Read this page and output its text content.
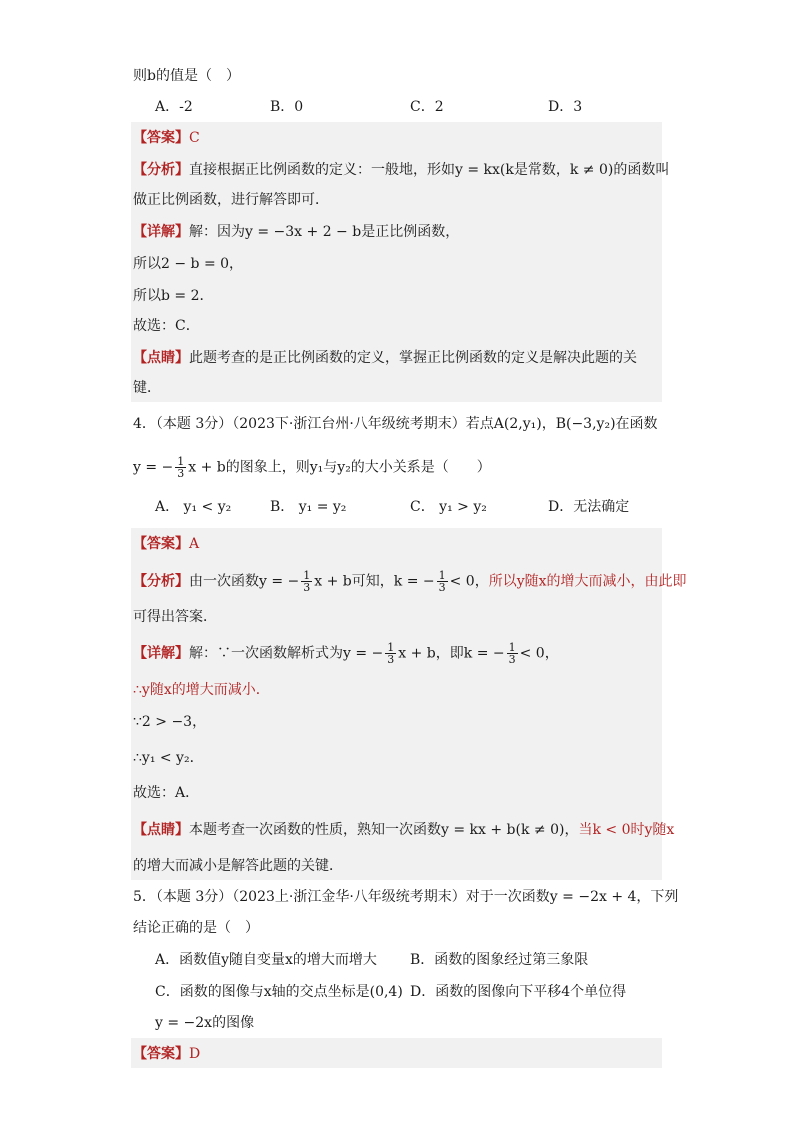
则b的值是（　）
A．-2	B．0	C．2	D．3
【答案】C
【分析】直接根据正比例函数的定义：一般地，形如y = kx(k是常数，k ≠ 0)的函数叫
做正比例函数，进行解答即可．
【详解】解：因为y = −3x + 2 − b是正比例函数，
所以2 − b = 0，
所以b = 2．
故选：C．
【点睛】此题考查的是正比例函数的定义，掌握正比例函数的定义是解决此题的关
键．
4．（本题 3分）（2023下·浙江台州·八年级统考期末）若点A(2,y₁)，B(−3,y₂)在函数
y = − $\frac{1}{3}$ x + b的图象上，则y₁与y₂的大小关系是（　　）
A． y₁ < y₂	B． y₁ = y₂	C． y₁ > y₂	D．无法确定
【答案】A
【分析】由一次函数y = − $\frac{1}{3}$ x + b可知，k = − $\frac{1}{3} < 0$，所以y随x的增大而减小，由此即
可得出答案．
【详解】解：∵一次函数解析式为y = − $\frac{1}{3}$ x + b，即k = − $\frac{1}{3} < 0$，
∴y随x的增大而减小．
∵2 > −3，
∴y₁ < y₂．
故选：A．
【点睛】本题考查一次函数的性质，熟知一次函数y = kx + b(k ≠ 0)，当k < 0时y随x
的增大而减小是解答此题的关键．
5．（本题 3分）（2023上·浙江金华·八年级统考期末）对于一次函数y = −2x + 4，下列
结论正确的是（　）
A．函数值y随自变量x的增大而增大 B．函数的图象经过第三象限
C．函数的图像与x轴的交点坐标是(0,4) D．函数的图像向下平移4个单位得
y = −2x的图像
【答案】D
